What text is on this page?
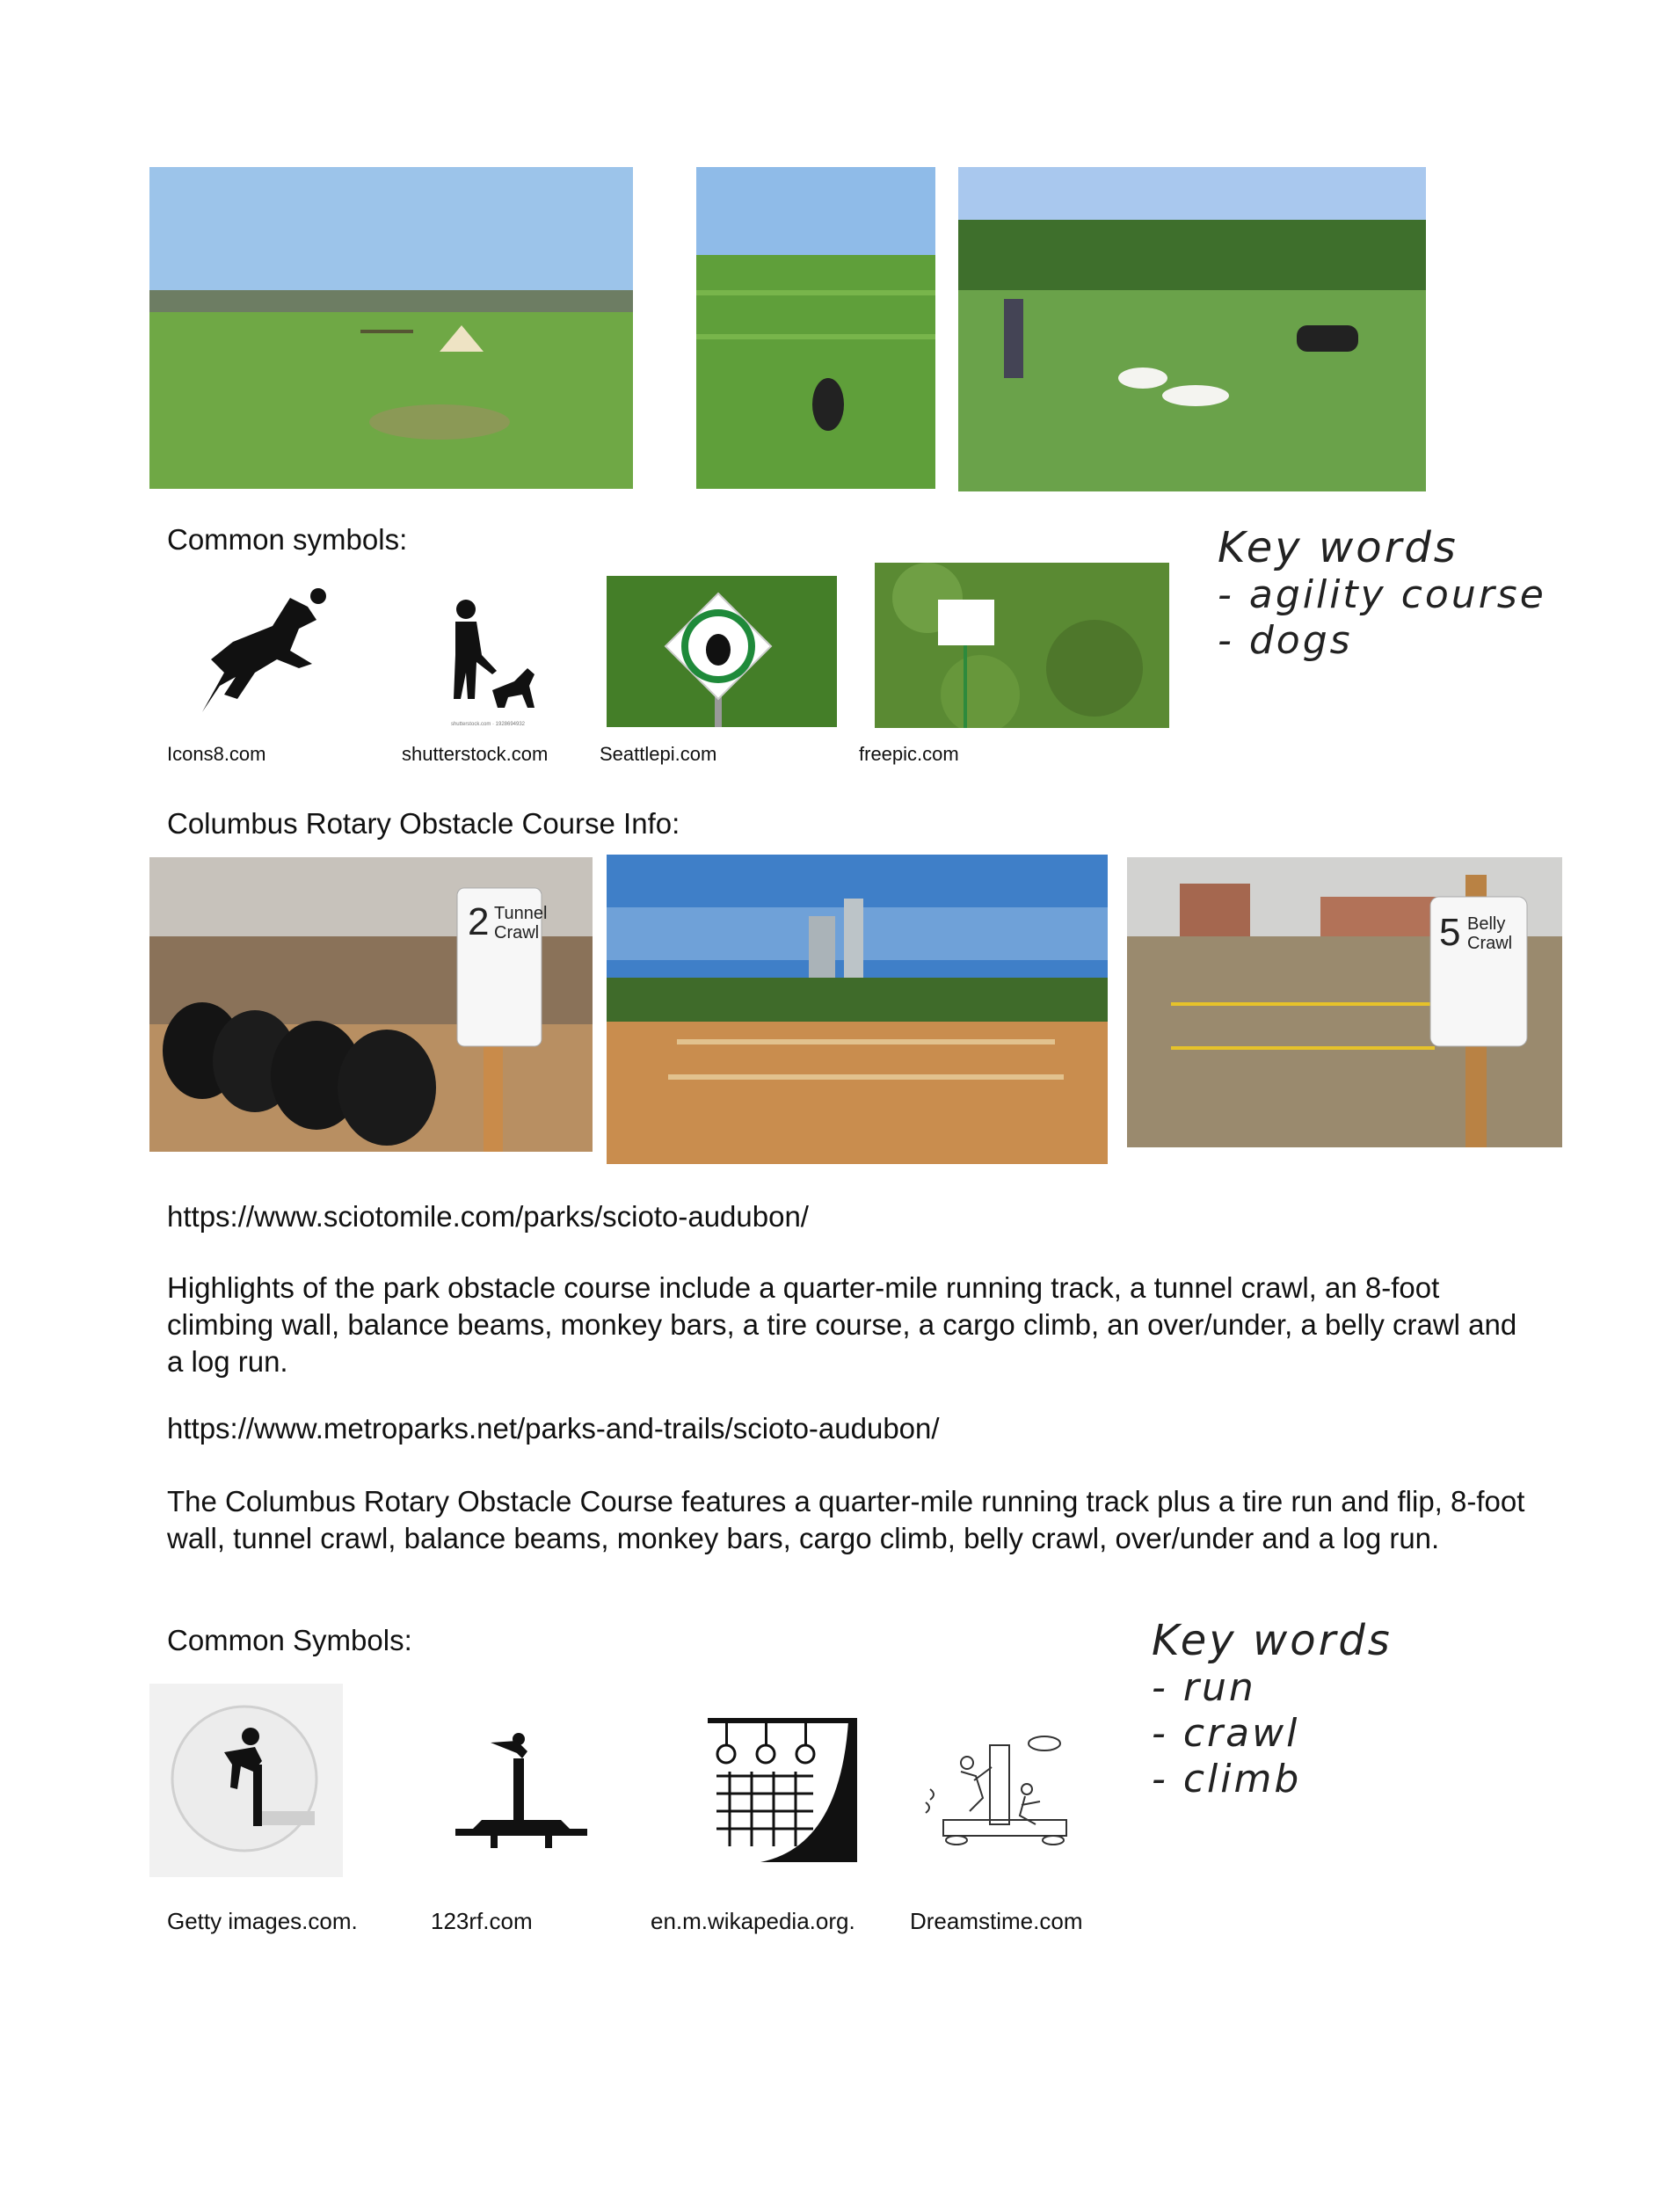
Common symbols:
shutterstock.com · 1928694932
Icons8.com	shutterstock.com	Seattlepi.com	freepic.com
Key words
- agility course
- dogs
Columbus Rotary Obstacle Course Info:
2 Tunnel
Crawl	5 Belly
Crawl
https://www.sciotomile.com/parks/scioto-audubon/
Highlights of the park obstacle course include a quarter-mile running track, a tunnel crawl, an 8-foot climbing wall, balance beams, monkey bars, a tire course, a cargo climb, an over/under, a belly crawl and a log run.
https://www.metroparks.net/parks-and-trails/scioto-audubon/
The Columbus Rotary Obstacle Course features a quarter-mile running track plus a tire run and flip, 8-foot wall, tunnel crawl, balance beams, monkey bars, cargo climb, belly crawl, over/under and a log run.
Common Symbols:
Getty images.com.	123rf.com	en.m.wikapedia.org. Dreamstime.com
Key words
- run
- crawl
- climb
